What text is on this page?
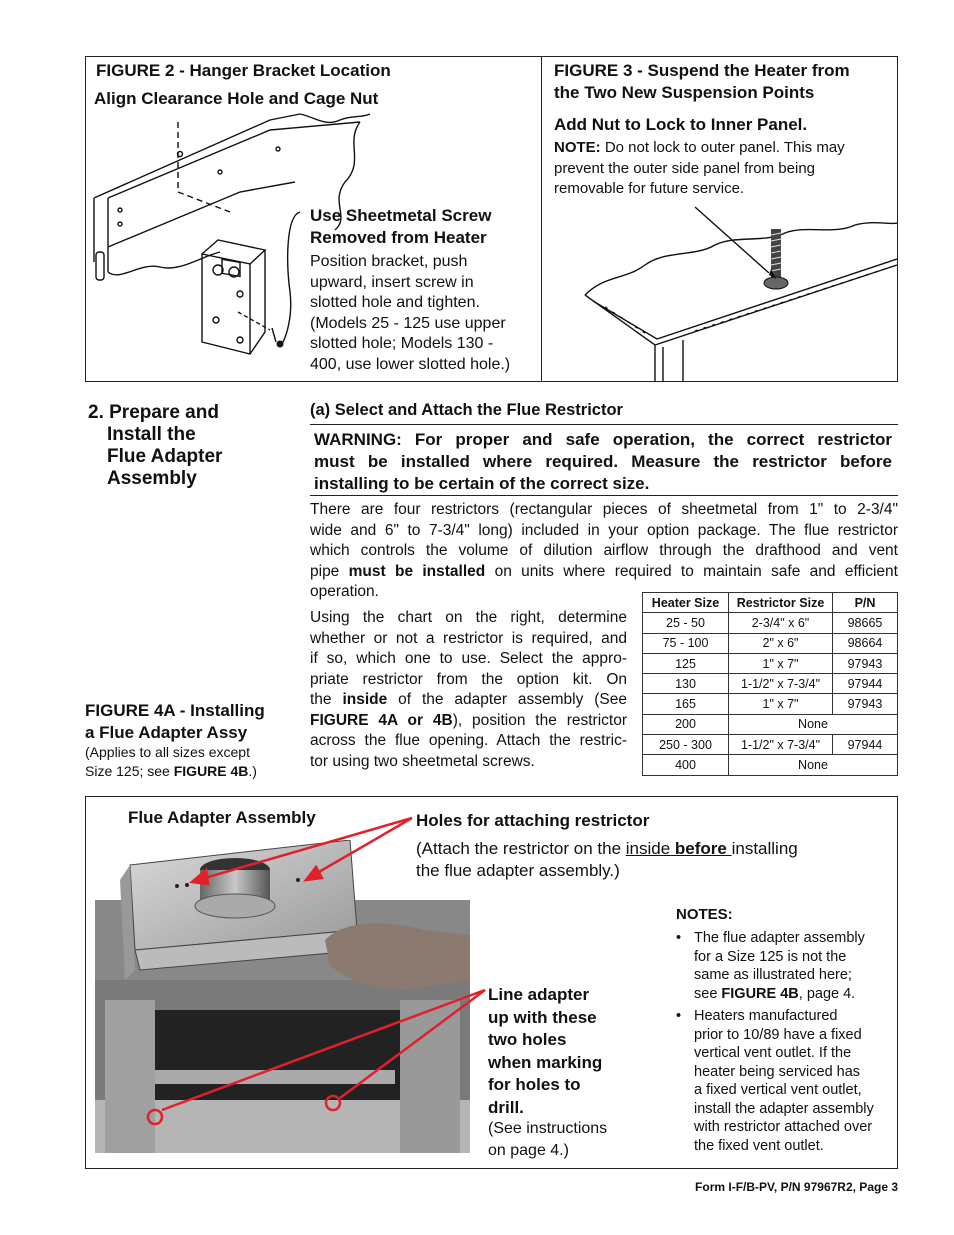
FIGURE 2 - Hanger Bracket Location
Align Clearance Hole and Cage Nut
Use Sheetmetal Screw
Removed from Heater
Position bracket, push
upward, insert screw in
slotted hole and tighten.
(Models 25 - 125 use upper
slotted hole; Models 130 -
400, use lower slotted hole.)
FIGURE 3 - Suspend the Heater from
the Two New Suspension Points
Add Nut to Lock to Inner Panel.
NOTE: Do not lock to outer panel. This may
prevent the outer side panel from being
removable for future service.
2. Prepare and
Install the
Flue Adapter
Assembly
(a) Select and Attach the Flue Restrictor
WARNING: For proper and safe operation, the correct restrictor
must be installed where required. Measure the restrictor before
installing to be certain of the correct size.
There are four restrictors (rectangular pieces of sheetmetal from 1" to 2-3/4"
wide and 6" to 7-3/4" long) included in your option package. The flue restrictor
which controls the volume of dilution airflow through the drafthood and vent
pipe must be installed on units where required to maintain safe and efficient
operation.
Using the chart on the right, determine
whether or not a restrictor is required, and
if so, which one to use. Select the appro-
priate restrictor from the option kit. On
the inside of the adapter assembly (See
FIGURE 4A or 4B), position the restrictor
across the flue opening. Attach the restric-
tor using two sheetmetal screws.
FIGURE 4A - Installing
a Flue Adapter Assy
(Applies to all sizes except
Size 125; see FIGURE 4B.)
Heater Size	Restrictor Size	P/N
25 - 50	2-3/4" x 6"	98665
75 - 100	2" x 6"	98664
125	1" x 7"	97943
130	1-1/2" x 7-3/4"	97944
165	1" x 7"	97943
200	None	
250 - 300	1-1/2" x 7-3/4"	97944
400	None	
Flue Adapter Assembly	Holes for attaching restrictor
(Attach the restrictor on the inside before installing
the flue adapter assembly.)
Line adapter
up with these
two holes
when marking
for holes to
drill.
(See instructions
on page 4.)
NOTES:
• The flue adapter assembly
for a Size 125 is not the
same as illustrated here;
see FIGURE 4B, page 4.
• Heaters manufactured
prior to 10/89 have a fixed
vertical vent outlet. If the
heater being serviced has
a fixed vertical vent outlet,
install the adapter assembly
with restrictor attached over
the fixed vent outlet.
Form I-F/B-PV, P/N 97967R2, Page 3
